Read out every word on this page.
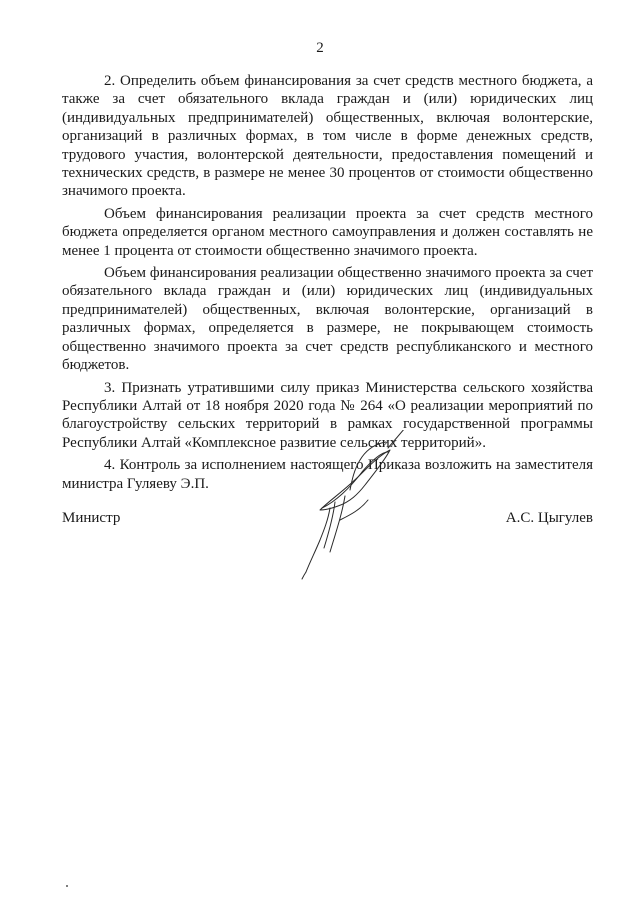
2

2. Определить объем финансирования за счет средств местного бюджета, а также за счет обязательного вклада граждан и (или) юридических лиц (индивидуальных предпринимателей) общественных, включая волонтерские, организаций в различных формах, в том числе в форме денежных средств, трудового участия, волонтерской деятельности, предоставления помещений и технических средств, в размере не менее 30 процентов от стоимости общественно значимого проекта.

Объем финансирования реализации проекта за счет средств местного бюджета определяется органом местного самоуправления и должен составлять не менее 1 процента от стоимости общественно значимого проекта.

Объем финансирования реализации общественно значимого проекта за счет обязательного вклада граждан и (или) юридических лиц (индивидуальных предпринимателей) общественных, включая волонтерские, организаций в различных формах, определяется в размере, не покрывающем стоимость общественно значимого проекта за счет средств республиканского и местного бюджетов.

3. Признать утратившими силу приказ Министерства сельского хозяйства Республики Алтай от 18 ноября 2020 года № 264 «О реализации мероприятий по благоустройству сельских территорий в рамках государственной программы Республики Алтай «Комплексное развитие сельских территорий».

4. Контроль за исполнением настоящего Приказа возложить на заместителя министра Гуляеву Э.П.

Министр	А.С. Цыгулев
